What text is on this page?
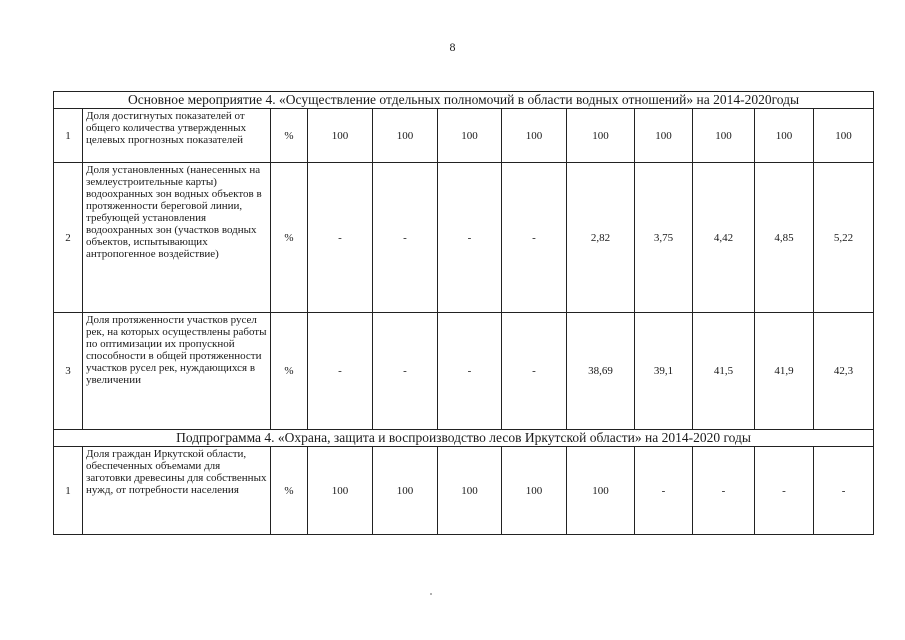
8
Основное мероприятие 4. «Осуществление отдельных полномочий в области водных отношений» на 2014-2020годы											
1	Доля достигнутых показателей от общего количества утвержденных целевых прогнозных показателей	%	100	100	100	100	100	100	100	100	100
2	Доля установленных (нанесенных на землеустроительные карты) водоохранных зон водных объектов в протяженности береговой линии, требующей установления водоохранных зон (участков водных объектов, испытывающих антропогенное воздействие)	%	-	-	-	-	2,82	3,75	4,42	4,85	5,22
3	Доля протяженности участков русел рек, на которых осуществлены работы по оптимизации их пропускной способности в общей протяженности участков русел рек, нуждающихся в увеличении	%	-	-	-	-	38,69	39,1	41,5	41,9	42,3
Подпрограмма 4. «Охрана, защита и воспроизводство лесов Иркутской области» на 2014-2020 годы											
1	Доля граждан Иркутской области, обеспеченных объемами для заготовки древесины для собственных нужд, от потребности населения	%	100	100	100	100	100	-	-	-	-
